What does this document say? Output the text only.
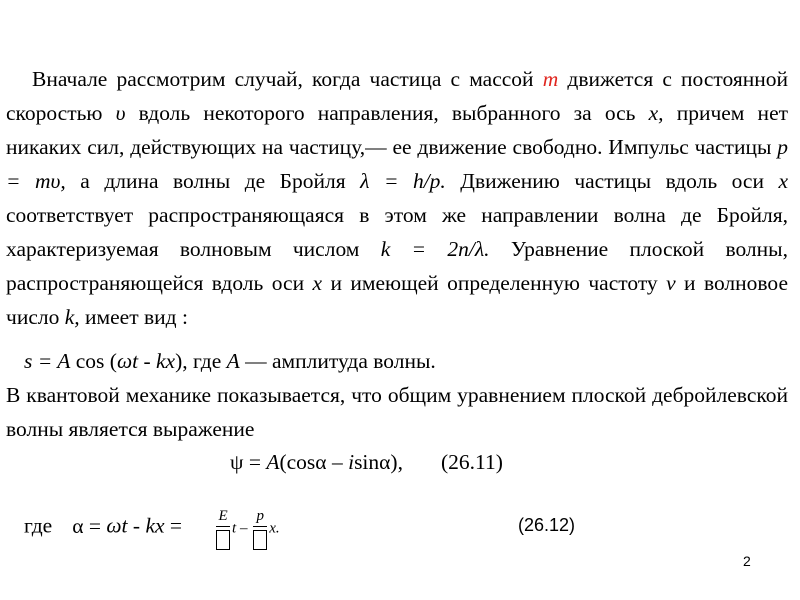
Вначале рассмотрим случай, когда частица с массой m движется с постоянной скоростью υ вдоль некоторого направления, выбранного за ось x, причем нет никаких сил, действующих на частицу,— ее движение свободно. Импульс частицы p = mυ, а длина волны де Бройля λ = h/p. Движению частицы вдоль оси x соответствует распространяющаяся в этом же направлении волна де Бройля, характеризуемая волновым числом k = 2п/λ. Уравнение плоской волны, распространяющейся вдоль оси x и имеющей определенную частоту ν и волновое число k, имеет вид :

s = A cos (ωt - kx), где A — амплитуда волны.

В квантовой механике показывается, что общим уравнением плоской дебройлевской волны является выражение

ψ = A(cosα – isinα), (26.11)
где α = ωt - kx = E
t –
p
x.	(26.12)
2
